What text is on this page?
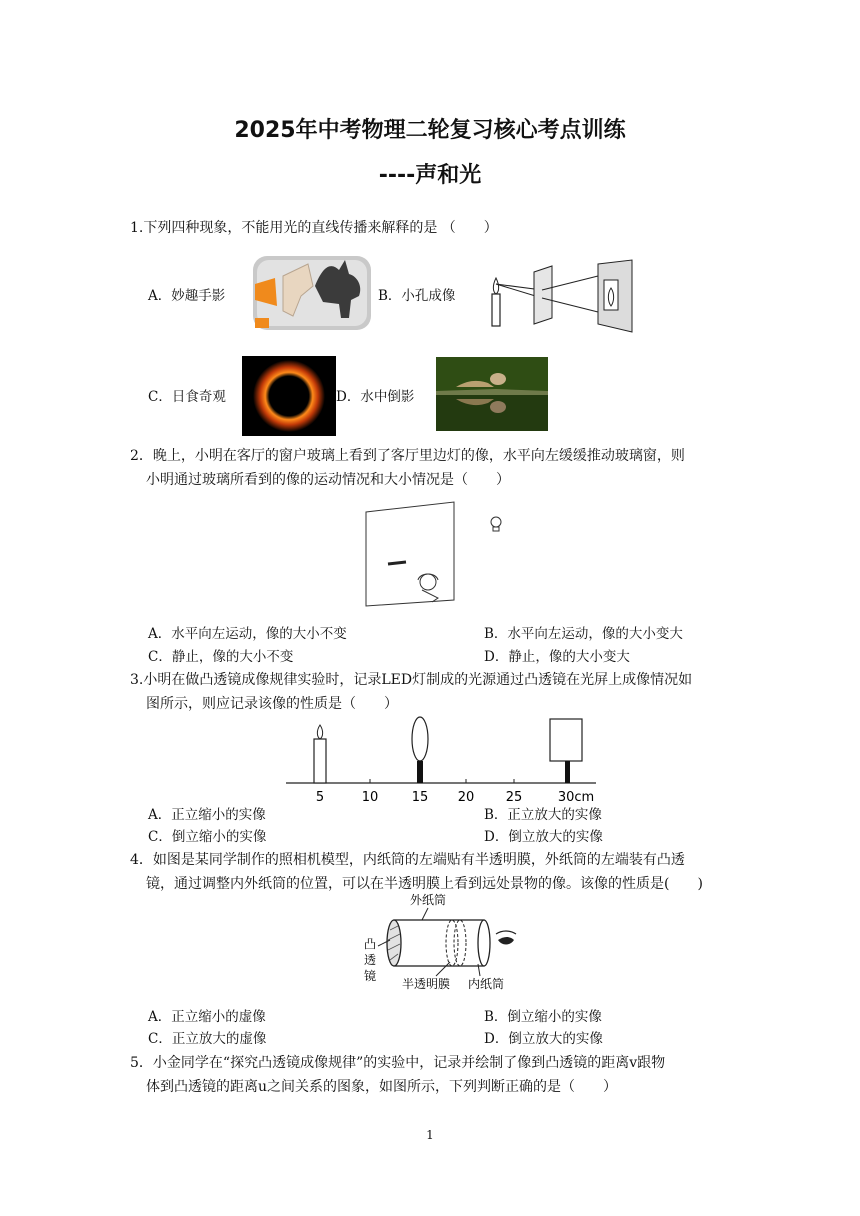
2025年中考物理二轮复习核心考点训练
----声和光
1.下列四种现象，不能用光的直线传播来解释的是 （　　）
A．妙趣手影	B．小孔成像
C．日食奇观	D．水中倒影
2．晚上，小明在客厅的窗户玻璃上看到了客厅里边灯的像，水平向左缓缓推动玻璃窗，则
小明通过玻璃所看到的像的运动情况和大小情况是（　　）
A．水平向左运动，像的大小不变	B．水平向左运动，像的大小变大
C．静止，像的大小不变	D．静止，像的大小变大
3.小明在做凸透镜成像规律实验时，记录LED灯制成的光源通过凸透镜在光屏上成像情况如
图所示，则应记录该像的性质是（　　）
5	10	15 20 25	30cm
A．正立缩小的实像	B．正立放大的实像
C．倒立缩小的实像	D．倒立放大的实像
4．如图是某同学制作的照相机模型，内纸筒的左端贴有半透明膜，外纸筒的左端装有凸透
镜，通过调整内外纸筒的位置，可以在半透明膜上看到远处景物的像。该像的性质是(　　)
外纸筒
凸
透
镜
半透明膜 内纸筒
A．正立缩小的虚像	B．倒立缩小的实像
C．正立放大的虚像	D．倒立放大的实像
5．小金同学在“探究凸透镜成像规律”的实验中，记录并绘制了像到凸透镜的距离v跟物
体到凸透镜的距离u之间关系的图象，如图所示，下列判断正确的是（　　）
1
